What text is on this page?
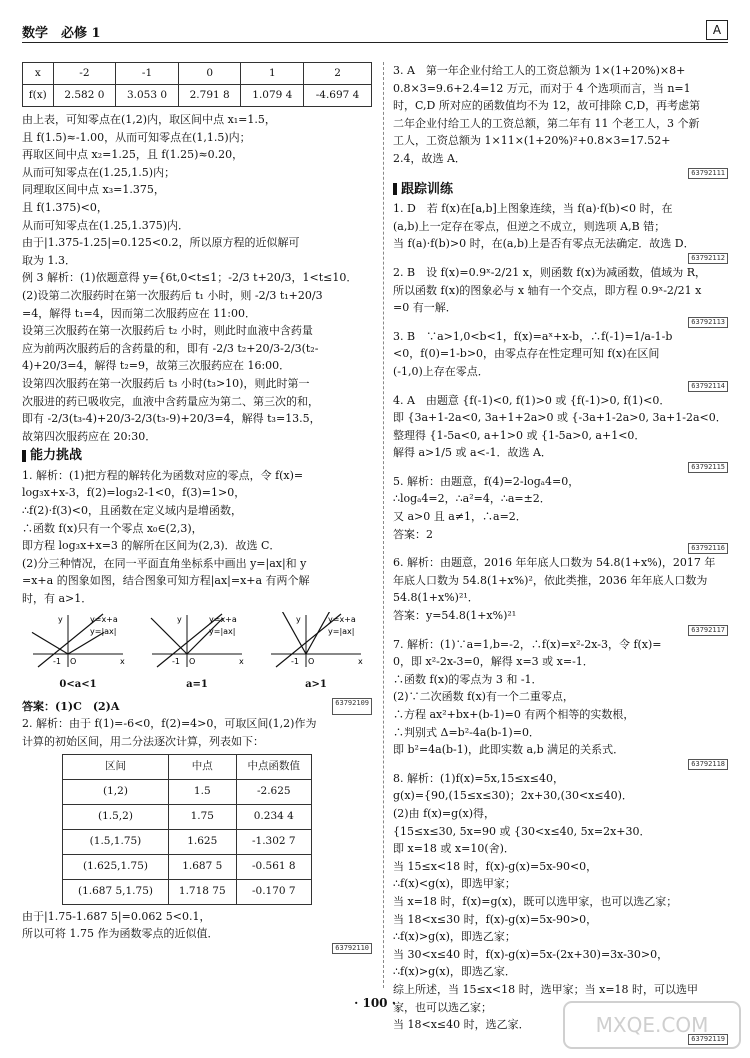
数学　必修 1	A
x	-2	-1	0	1	2
f(x)	2.582 0	3.053 0	2.791 8	1.079 4	-4.697 4
由上表，可知零点在(1,2)内，取区间中点 x₁=1.5，
且 f(1.5)≈-1.00，从而可知零点在(1,1.5)内；
再取区间中点 x₂=1.25，且 f(1.25)≈0.20，
从而可知零点在(1.25,1.5)内；
同理取区间中点 x₃=1.375，
且 f(1.375)<0，
从而可知零点在(1.25,1.375)内．
由于|1.375-1.25|=0.125<0.2，所以原方程的近似解可
取为 1.3．
例 3 解析：(1)依题意得 y={6t,0<t≤1；-2/3 t+20/3，1<t≤10．
(2)设第二次服药时在第一次服药后 t₁ 小时，则 -2/3 t₁+20/3
=4，解得 t₁=4，因而第二次服药应在 11:00．
设第三次服药在第一次服药后 t₂ 小时，则此时血液中含药量
应为前两次服药后的含药量的和，即有 -2/3 t₂+20/3-2/3(t₂-
4)+20/3=4，解得 t₂=9，故第三次服药应在 16:00．
设第四次服药在第一次服药后 t₃ 小时(t₃>10)，则此时第一
次服进的药已吸收完，血液中含药量应为第二、第三次的和，
即有 -2/3(t₃-4)+20/3-2/3(t₃-9)+20/3=4，解得 t₃=13.5，
故第四次服药应在 20:30．
能力挑战
1. 解析：(1)把方程的解转化为函数对应的零点，令 f(x)=
log₃x+x-3，f(2)=log₃2-1<0，f(3)=1>0，
∴f(2)·f(3)<0，且函数在定义域内是增函数，
∴函数 f(x)只有一个零点 x₀∈(2,3)，
即方程 log₃x+x=3 的解所在区间为(2,3)．故选 C．
(2)分三种情况，在同一平面直角坐标系中画出 y=|ax|和 y
=x+a 的图象如图，结合图象可知方程|ax|=x+a 有两个解
时，有 a>1．
y=x+a
y=|ax|
y
x
-1 O
0<a<1
y=x+a
y=|ax|
y
x
-1 O
a=1
y=x+a
y=|ax|
y
x
-1 O
a>1
答案：(1)C　(2)A	63792109
2. 解析：由于 f(1)=-6<0，f(2)=4>0，可取区间(1,2)作为
计算的初始区间，用二分法逐次计算，列表如下：
区间	中点	中点函数值
(1,2)	1.5	-2.625
(1.5,2)	1.75	0.234 4
(1.5,1.75)	1.625	-1.302 7
(1.625,1.75)	1.687 5	-0.561 8
(1.687 5,1.75)	1.718 75	-0.170 7
由于|1.75-1.687 5|=0.062 5<0.1，
所以可将 1.75 作为函数零点的近似值．
63792110
3. A　第一年企业付给工人的工资总额为 1×(1+20%)×8+
0.8×3=9.6+2.4=12 万元，而对于 4 个选项而言，当 n=1
时，C,D 所对应的函数值均不为 12，故可排除 C,D，再考虑第
二年企业付给工人的工资总额，第二年有 11 个老工人，3 个新
工人，工资总额为 1×11×(1+20%)²+0.8×3=17.52+
2.4，故选 A．
63792111
跟踪训练
1. D　若 f(x)在[a,b]上图象连续，当 f(a)·f(b)<0 时，在
(a,b)上一定存在零点，但逆之不成立，则选项 A,B 错；
当 f(a)·f(b)>0 时，在(a,b)上是否有零点无法确定．故选 D．
63792112
2. B　设 f(x)=0.9ˣ-2/21 x，则函数 f(x)为减函数，值域为 R，
所以函数 f(x)的图象必与 x 轴有一个交点，即方程 0.9ˣ-2/21 x
=0 有一解．
63792113
3. B　∵a>1,0<b<1，f(x)=aˣ+x-b，∴f(-1)=1/a-1-b
<0，f(0)=1-b>0，由零点存在性定理可知 f(x)在区间
(-1,0)上存在零点．
63792114
4. A　由题意 {f(-1)<0, f(1)>0 或 {f(-1)>0, f(1)<0．
即 {3a+1-2a<0, 3a+1+2a>0 或 {-3a+1-2a>0, 3a+1-2a<0．
整理得 {1-5a<0, a+1>0 或 {1-5a>0, a+1<0．
解得 a>1/5 或 a<-1．故选 A．
63792115
5. 解析：由题意，f(4)=2-logₐ4=0，
∴logₐ4=2，∴a²=4，∴a=±2．
又 a>0 且 a≠1，∴a=2．
答案：2
63792116
6. 解析：由题意，2016 年年底人口数为 54.8(1+x%)，2017 年
年底人口数为 54.8(1+x%)²，依此类推，2036 年年底人口数为
54.8(1+x%)²¹．
答案：y=54.8(1+x%)²¹
63792117
7. 解析：(1)∵a=1,b=-2，∴f(x)=x²-2x-3，令 f(x)=
0，即 x²-2x-3=0，解得 x=3 或 x=-1．
∴函数 f(x)的零点为 3 和 -1．
(2)∵二次函数 f(x)有一个二重零点，
∴方程 ax²+bx+(b-1)=0 有两个相等的实数根，
∴判别式 Δ=b²-4a(b-1)=0．
即 b²=4a(b-1)，此即实数 a,b 满足的关系式．
63792118
8. 解析：(1)f(x)=5x,15≤x≤40，
g(x)={90,(15≤x≤30)；2x+30,(30<x≤40)．
(2)由 f(x)=g(x)得，
{15≤x≤30, 5x=90 或 {30<x≤40, 5x=2x+30．
即 x=18 或 x=10(舍)．
当 15≤x<18 时，f(x)-g(x)=5x-90<0，
∴f(x)<g(x)，即选甲家；
当 x=18 时，f(x)=g(x)，既可以选甲家，也可以选乙家；
当 18<x≤30 时，f(x)-g(x)=5x-90>0，
∴f(x)>g(x)，即选乙家；
当 30<x≤40 时，f(x)-g(x)=5x-(2x+30)=3x-30>0，
∴f(x)>g(x)，即选乙家．
综上所述，当 15≤x<18 时，选甲家；当 x=18 时，可以选甲
家，也可以选乙家；
当 18<x≤40 时，选乙家．
63792119
· 100 ·
MXQE.COM
